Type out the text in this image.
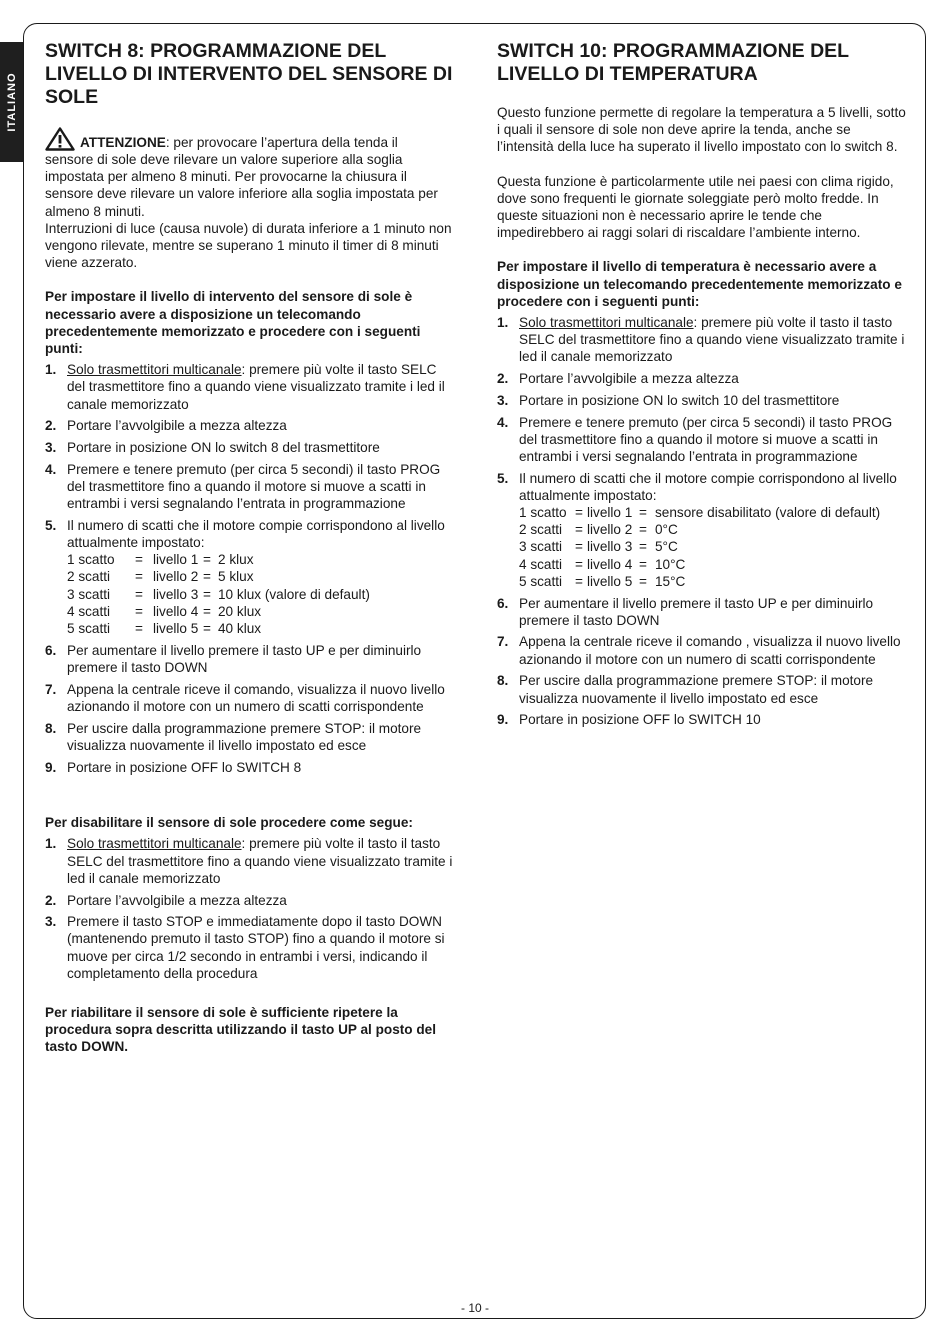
ITALIANO
SWITCH 8: PROGRAMMAZIONE DEL LIVELLO DI INTERVENTO DEL SENSORE DI SOLE

ATTENZIONE: per provocare l’apertura della tenda il

sensore di sole deve rilevare un valore superiore alla soglia impostata per almeno 8 minuti. Per provocarne la chiusura il sensore deve rilevare un valore inferiore alla soglia impostata per almeno 8 minuti.

Interruzioni di luce (causa nuvole) di durata inferiore a 1 minuto non vengono rilevate, mentre se superano 1 minuto il timer di 8 minuti viene azzerato.

Per impostare il livello di intervento del sensore di sole è necessario avere a disposizione un telecomando precedentemente memorizzato e procedere con i seguenti punti:

1. Solo trasmettitori multicanale: premere più volte il tasto SELC del trasmettitore fino a quando viene visualizzato tramite i led il canale memorizzato
2. Portare l’avvolgibile a mezza altezza
3. Portare in posizione ON lo switch 8 del trasmettitore
4. Premere e tenere premuto (per circa 5 secondi) il tasto PROG del trasmettitore fino a quando il motore si muove a scatti in entrambi i versi segnalando l’entrata in programmazione
5. Il numero di scatti che il motore compie corrispondono al livello attualmente impostato:
1 scatto	=	livello 1	=	2 klux
2 scatti	=	livello 2	=	5 klux
3 scatti	=	livello 3	=	10 klux (valore di default)
4 scatti	=	livello 4	=	20 klux
5 scatti	=	livello 5	=	40 klux
6. Per aumentare il livello premere il tasto UP e per diminuirlo premere il tasto DOWN
7. Appena la centrale riceve il comando, visualizza il nuovo livello azionando il motore con un numero di scatti corrispondente
8. Per uscire dalla programmazione premere STOP: il motore visualizza nuovamente il livello impostato ed esce
9. Portare in posizione OFF lo SWITCH 8

Per disabilitare il sensore di sole procedere come segue:

1. Solo trasmettitori multicanale: premere più volte il tasto il tasto SELC del trasmettitore fino a quando viene visualizzato tramite i led il canale memorizzato
2. Portare l’avvolgibile a mezza altezza
3. Premere il tasto STOP e immediatamente dopo il tasto DOWN (mantenendo premuto il tasto STOP) fino a quando il motore si muove per circa 1/2 secondo in entrambi i versi, indicando il completamento della procedura

Per riabilitare il sensore di sole è sufficiente ripetere la procedura sopra descritta utilizzando il tasto UP al posto del tasto DOWN.

SWITCH 10: PROGRAMMAZIONE DEL LIVELLO DI TEMPERATURA

Questo funzione permette di regolare la temperatura a 5 livelli, sotto i quali il sensore di sole non deve aprire la tenda, anche se l’intensità della luce ha superato il livello impostato con lo switch 8.

Questa funzione è particolarmente utile nei paesi con clima rigido, dove sono frequenti le giornate soleggiate però molto fredde. In queste situazioni non è necessario aprire le tende che impedirebbero ai raggi solari di riscaldare l’ambiente interno.

Per impostare il livello di temperatura è necessario avere a disposizione un telecomando precedentemente memorizzato e procedere con i seguenti punti:

1. Solo trasmettitori multicanale: premere più volte il tasto il tasto SELC del trasmettitore fino a quando viene visualizzato tramite i led il canale memorizzato
2. Portare l’avvolgibile a mezza altezza
3. Portare in posizione ON lo switch 10 del trasmettitore
4. Premere e tenere premuto (per circa 5 secondi) il tasto PROG del trasmettitore fino a quando il motore si muove a scatti in entrambi i versi segnalando l’entrata in programmazione
5. Il numero di scatti che il motore compie corrispondono al livello attualmente impostato:
1 scatto	=	livello 1	=	sensore disabilitato (valore di default)
2 scatti	=	livello 2	=	0°C
3 scatti	=	livello 3	=	5°C
4 scatti	=	livello 4	=	10°C
5 scatti	=	livello 5	=	15°C
6. Per aumentare il livello premere il tasto UP e per diminuirlo premere il tasto DOWN
7. Appena la centrale riceve il comando , visualizza il nuovo livello azionando il motore con un numero di scatti corrispondente
8. Per uscire dalla programmazione premere STOP: il motore visualizza nuovamente il livello impostato ed esce
9. Portare in posizione OFF lo SWITCH 10
- 10 -
